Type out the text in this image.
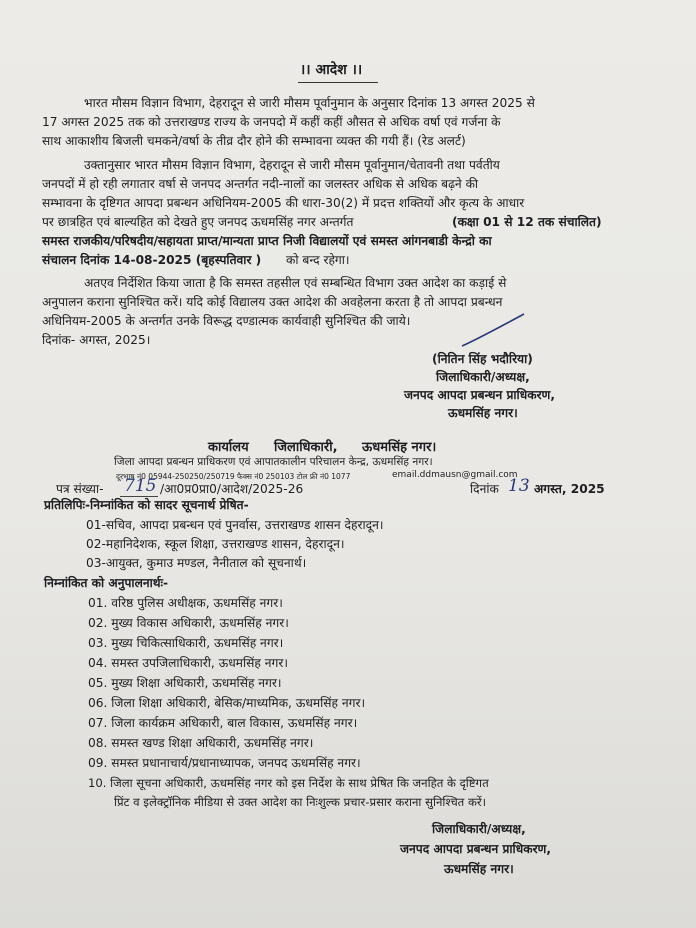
।। आदेश ।।
भारत मौसम विज्ञान विभाग, देहरादून से जारी मौसम पूर्वानुमान के अनुसार दिनांक 13 अगस्त 2025 से
17 अगस्त 2025 तक को उत्तराखण्ड राज्य के जनपदो में कहीं कहीं औसत से अधिक वर्षा एवं गर्जना के
साथ आकाशीय बिजली चमकने/वर्षा के तीव्र दौर होने की सम्भावना व्यक्त की गयी हैं। (रेड अलर्ट)
उक्तानुसार भारत मौसम विज्ञान विभाग, देहरादून से जारी मौसम पूर्वानुमान/चेतावनी तथा पर्वतीय
जनपदों में हो रही लगातार वर्षा से जनपद अन्तर्गत नदी-नालों का जलस्तर अधिक से अधिक बढ़ने की
सम्भावना के दृष्टिगत आपदा प्रबन्धन अधिनियम-2005 की धारा-30(2) में प्रदत्त शक्तियों और कृत्य के आधार
पर छात्रहित एवं बाल्यहित को देखते हुए जनपद ऊधमसिंह नगर अन्तर्गत	(कक्षा 01 से 12 तक संचालित)
समस्त राजकीय/परिषदीय/सहायता प्राप्त/मान्यता प्राप्त निजी विद्यालयों एवं समस्त आंगनबाडी केन्द्रो का
संचालन दिनांक 14-08-2025 (बृहस्पतिवार ) को बन्द रहेगा।
अतएव निर्देशित किया जाता है कि समस्त तहसील एवं सम्बन्धित विभाग उक्त आदेश का कड़ाई से
अनुपालन कराना सुनिश्चित करें। यदि कोई विद्यालय उक्त आदेश की अवहेलना करता है तो आपदा प्रबन्धन
अधिनियम-2005 के अन्तर्गत उनके विरूद्ध दण्डात्मक कार्यवाही सुनिश्चित की जाये।
दिनांक- अगस्त, 2025।
(नितिन सिंह भदौरिया)
जिलाधिकारी/अध्यक्ष,
जनपद आपदा प्रबन्धन प्राधिकरण,
ऊधमसिंह नगर।
कार्यालय जिलाधिकारी, ऊधमसिंह नगर।
जिला आपदा प्रबन्धन प्राधिकरण एवं आपातकालीन परिचालन केन्द्र, ऊधमसिंह नगर।
दूरभाष नं0 05944-250250/250719 फैक्स नं0 250103 टोल फ्री नं0 1077	email.ddmausn@gmail.com
पत्र संख्या- 715 /आ0प्र0प्रा0/आदेश/2025-26	दिनांक 13 अगस्त, 2025
प्रतिलिपिः-निम्नांकित को सादर सूचनार्थ प्रेषित-
01-सचिव, आपदा प्रबन्धन एवं पुनर्वास, उत्तराखण्ड शासन देहरादून।
02-महानिदेशक, स्कूल शिक्षा, उत्तराखण्ड शासन, देहरादून।
03-आयुक्त, कुमाउ मण्डल, नैनीताल को सूचनार्थ।
निम्नांकित को अनुपालनार्थः-
01. वरिष्ठ पुलिस अधीक्षक, ऊधमसिंह नगर।
02. मुख्य विकास अधिकारी, ऊधमसिंह नगर।
03. मुख्य चिकित्साधिकारी, ऊधमसिंह नगर।
04. समस्त उपजिलाधिकारी, ऊधमसिंह नगर।
05. मुख्य शिक्षा अधिकारी, ऊधमसिंह नगर।
06. जिला शिक्षा अधिकारी, बेसिक/माध्यमिक, ऊधमसिंह नगर।
07. जिला कार्यक्रम अधिकारी, बाल विकास, ऊधमसिंह नगर।
08. समस्त खण्ड शिक्षा अधिकारी, ऊधमसिंह नगर।
09. समस्त प्रधानाचार्य/प्रधानाध्यापक, जनपद ऊधमसिंह नगर।
10. जिला सूचना अधिकारी, ऊधमसिंह नगर को इस निर्देश के साथ प्रेषित कि जनहित के दृष्टिगत
प्रिंट व इलेक्ट्रॉनिक मीडिया से उक्त आदेश का निःशुल्क प्रचार-प्रसार कराना सुनिश्चित करें।
जिलाधिकारी/अध्यक्ष,
जनपद आपदा प्रबन्धन प्राधिकरण,
ऊधमसिंह नगर।
